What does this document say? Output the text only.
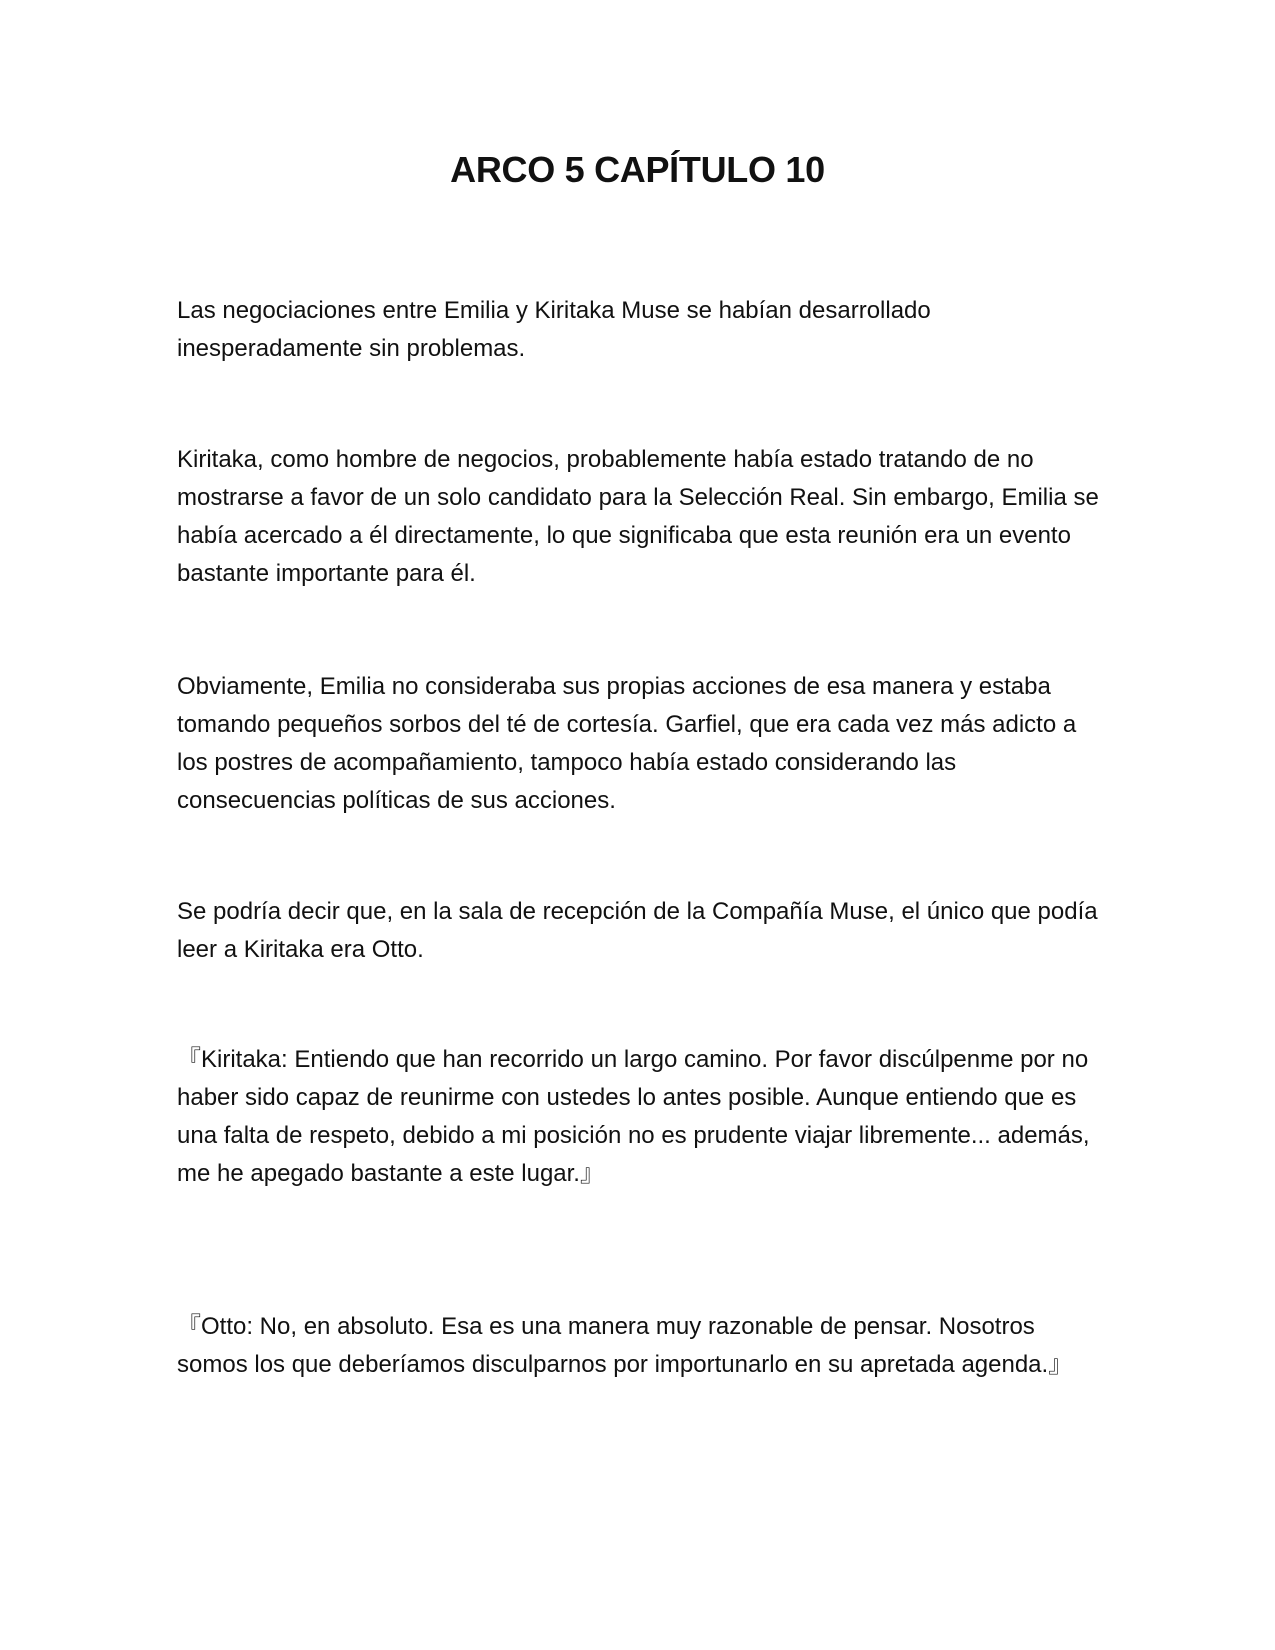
ARCO 5 CAPÍTULO 10

Las negociaciones entre Emilia y Kiritaka Muse se habían desarrollado inesperadamente sin problemas.

Kiritaka, como hombre de negocios, probablemente había estado tratando de no mostrarse a favor de un solo candidato para la Selección Real. Sin embargo, Emilia se había acercado a él directamente, lo que significaba que esta reunión era un evento bastante importante para él.

Obviamente, Emilia no consideraba sus propias acciones de esa manera y estaba tomando pequeños sorbos del té de cortesía. Garfiel, que era cada vez más adicto a los postres de acompañamiento, tampoco había estado considerando las consecuencias políticas de sus acciones.

Se podría decir que, en la sala de recepción de la Compañía Muse, el único que podía leer a Kiritaka era Otto.

『Kiritaka: Entiendo que han recorrido un largo camino. Por favor discúlpenme por no haber sido capaz de reunirme con ustedes lo antes posible. Aunque entiendo que es una falta de respeto, debido a mi posición no es prudente viajar libremente... además, me he apegado bastante a este lugar.』

『Otto: No, en absoluto. Esa es una manera muy razonable de pensar. Nosotros somos los que deberíamos disculparnos por importunarlo en su apretada agenda.』
